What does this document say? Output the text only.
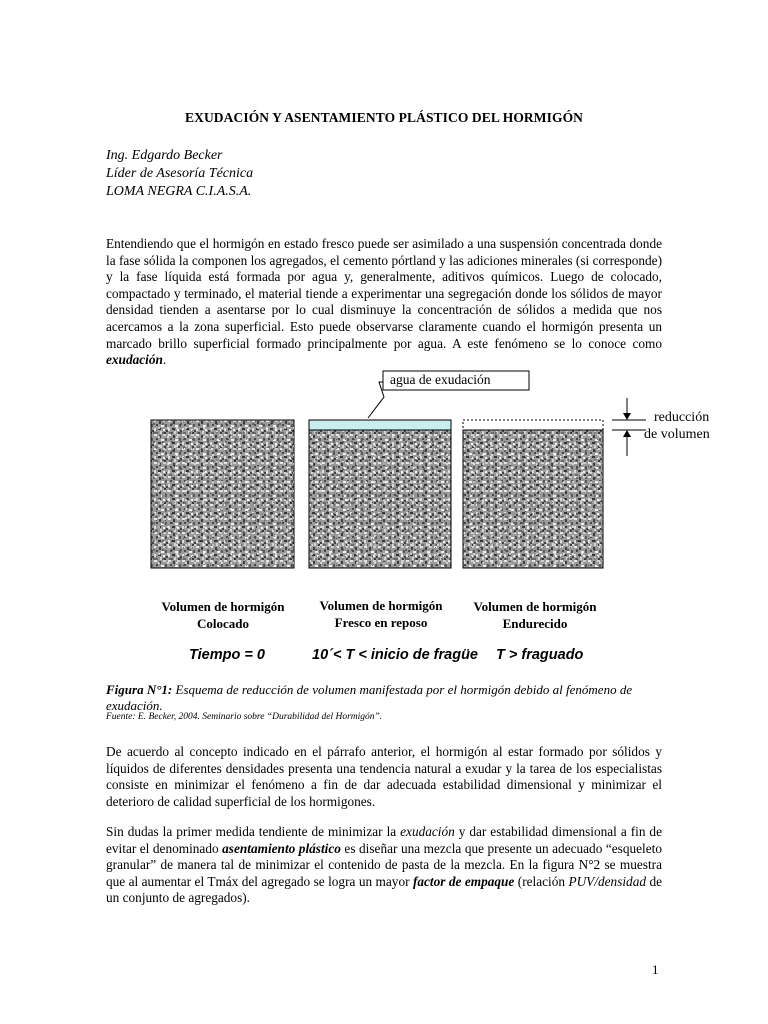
EXUDACIÓN Y ASENTAMIENTO PLÁSTICO DEL HORMIGÓN
Ing. Edgardo Becker
Líder de Asesoría Técnica
LOMA NEGRA C.I.A.S.A.
Entendiendo que el hormigón en estado fresco puede ser asimilado a una suspensión concentrada donde la fase sólida la componen los agregados, el cemento pórtland y las adiciones minerales (si corresponde) y la fase líquida está formada por agua y, generalmente, aditivos químicos. Luego de colocado, compactado y terminado, el material tiende a experimentar una segregación donde los sólidos de mayor densidad tienden a asentarse por lo cual disminuye la concentración de sólidos a medida que nos acercamos a la zona superficial. Esto puede observarse claramente cuando el hormigón presenta un marcado brillo superficial formado principalmente por agua. A este fenómeno se lo conoce como exudación.
agua de exudación
reducción
de volumen
Volumen de hormigón
Colocado
Volumen de hormigón
Fresco en reposo
Volumen de hormigón
Endurecido
Tiempo = 0	10´< T < inicio de fragüe T > fraguado
Figura N°1: Esquema de reducción de volumen manifestada por el hormigón debido al fenómeno de exudación.
Fuente: E. Becker, 2004. Seminario sobre “Durabilidad del Hormigón”.
De acuerdo al concepto indicado en el párrafo anterior, el hormigón al estar formado por sólidos y líquidos de diferentes densidades presenta una tendencia natural a exudar y la tarea de los especialistas consiste en minimizar el fenómeno a fin de dar adecuada estabilidad dimensional y minimizar el deterioro de calidad superficial de los hormigones.
Sin dudas la primer medida tendiente de minimizar la exudación y dar estabilidad dimensional a fin de evitar el denominado asentamiento plástico es diseñar una mezcla que presente un adecuado “esqueleto granular” de manera tal de minimizar el contenido de pasta de la mezcla. En la figura N°2 se muestra que al aumentar el Tmáx del agregado se logra un mayor factor de empaque (relación PUV/densidad de un conjunto de agregados).
1
